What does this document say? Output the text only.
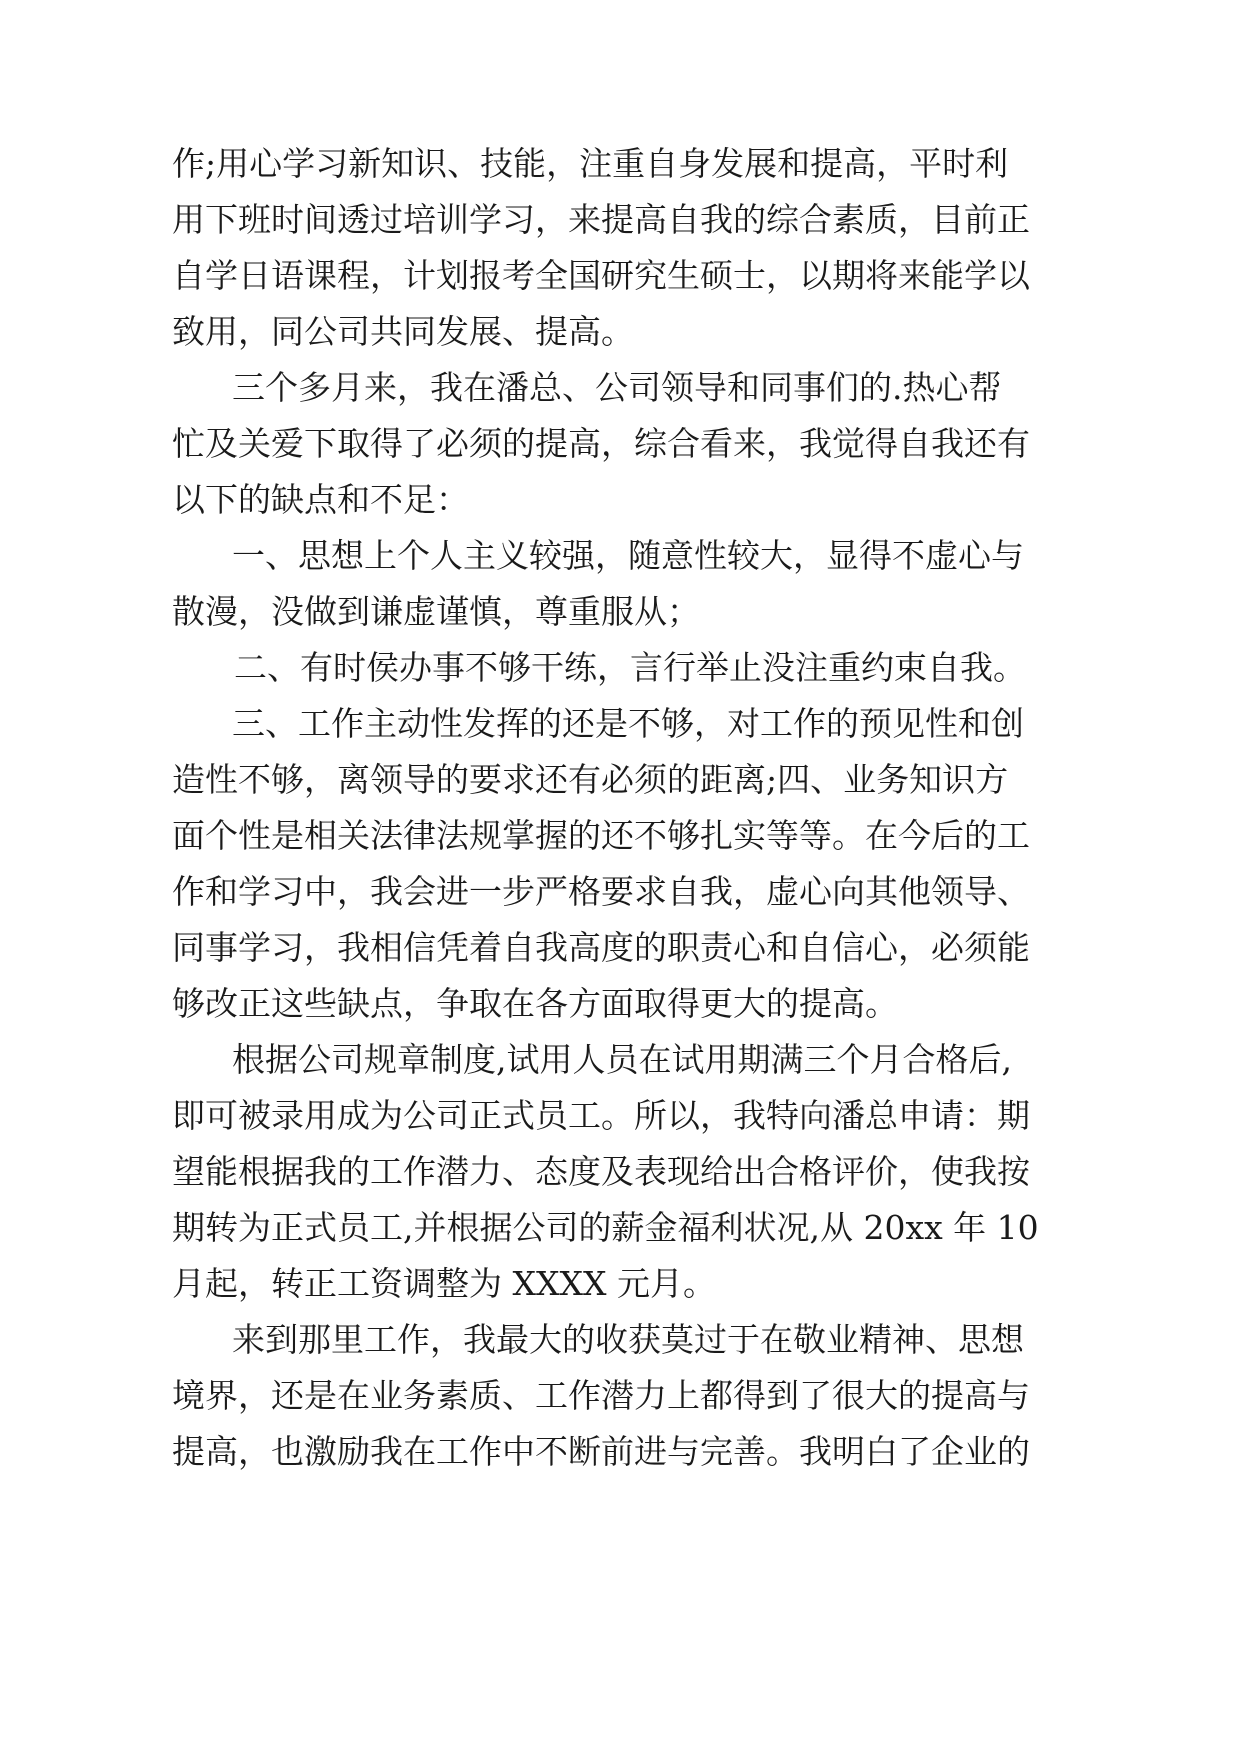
作;用心学习新知识、技能，注重自身发展和提高，平时利
用下班时间透过培训学习，来提高自我的综合素质，目前正
自学日语课程，计划报考全国研究生硕士，以期将来能学以
致用，同公司共同发展、提高。
三个多月来，我在潘总、公司领导和同事们的.热心帮
忙及关爱下取得了必须的提高，综合看来，我觉得自我还有
以下的缺点和不足：
一、思想上个人主义较强，随意性较大，显得不虚心与
散漫，没做到谦虚谨慎，尊重服从；
二、有时侯办事不够干练，言行举止没注重约束自我。
三、工作主动性发挥的还是不够，对工作的预见性和创
造性不够，离领导的要求还有必须的距离;四、业务知识方
面个性是相关法律法规掌握的还不够扎实等等。在今后的工
作和学习中，我会进一步严格要求自我，虚心向其他领导、
同事学习，我相信凭着自我高度的职责心和自信心，必须能
够改正这些缺点，争取在各方面取得更大的提高。
根据公司规章制度,试用人员在试用期满三个月合格后,
即可被录用成为公司正式员工。所以，我特向潘总申请：期
望能根据我的工作潜力、态度及表现给出合格评价，使我按
期转为正式员工,并根据公司的薪金福利状况,从 20xx 年 10
月起，转正工资调整为 XXXX 元月。
来到那里工作，我最大的收获莫过于在敬业精神、思想
境界，还是在业务素质、工作潜力上都得到了很大的提高与
提高，也激励我在工作中不断前进与完善。我明白了企业的
